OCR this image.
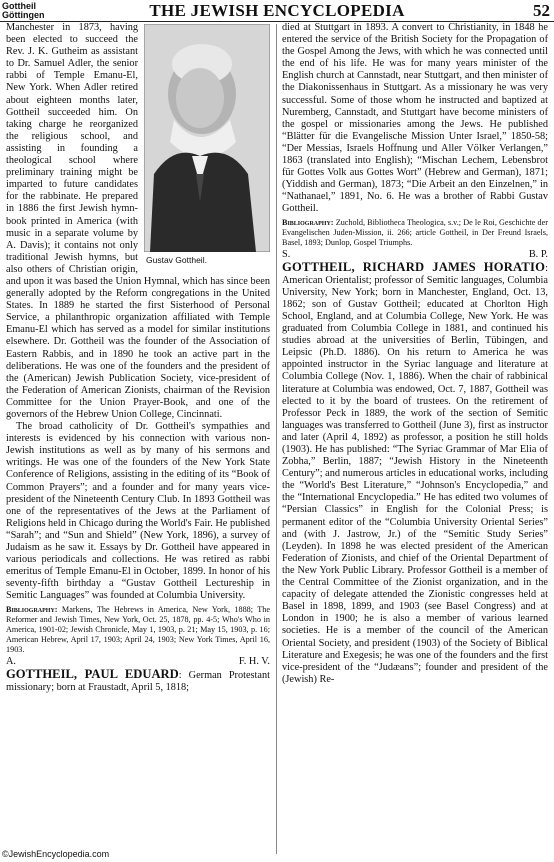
Gottheil
Göttingen	THE JEWISH ENCYCLOPEDIA	52
Gustav Gottheil.
Manchester in 1873, having been elected to succeed the Rev. J. K. Gutheim as assistant to Dr. Samuel Adler, the senior rabbi of Temple Emanu-El, New York. When Adler retired about eighteen months later, Gottheil succeeded him. On taking charge he reorganized the religious school, and assisting in founding a theological school where preliminary training might be imparted to future candidates for the rabbinate. He prepared in 1886 the first Jewish hymn-book printed in America (with music in a separate volume by A. Davis); it contains not only traditional Jewish hymns, but also others of Christian origin, and upon it was based the Union Hymnal, which has since been generally adopted by the Reform congregations in the United States. In 1889 he started the first Sisterhood of Personal Service, a philanthropic organization affiliated with Temple Emanu-El which has served as a model for similar institutions elsewhere. Dr. Gottheil was the founder of the Association of Eastern Rabbis, and in 1890 he took an active part in the deliberations. He was one of the founders and the president of the (American) Jewish Publication Society, vice-president of the Federation of American Zionists, chairman of the Revision Committee for the Union Prayer-Book, and one of the governors of the Hebrew Union College, Cincinnati.
The broad catholicity of Dr. Gottheil's sympathies and interests is evidenced by his connection with various non-Jewish institutions as well as by many of his sermons and writings. He was one of the founders of the New York State Conference of Religions, assisting in the editing of its “Book of Common Prayers”; and a founder and for many years vice-president of the Nineteenth Century Club. In 1893 Gottheil was one of the representatives of the Jews at the Parliament of Religions held in Chicago during the World's Fair. He published “Sarah”; and “Sun and Shield” (New York, 1896), a survey of Judaism as he saw it. Essays by Dr. Gottheil have appeared in various periodicals and collections. He was retired as rabbi emeritus of Temple Emanu-El in October, 1899. In honor of his seventy-fifth birthday a “Gustav Gottheil Lectureship in Semitic Languages” was founded at Columbia University.
Bibliography: Markens, The Hebrews in America, New York, 1888; The Reformer and Jewish Times, New York, Oct. 25, 1878, pp. 4-5; Who's Who in America, 1901-02; Jewish Chronicle, May 1, 1903, p. 21; May 15, 1903, p. 16; American Hebrew, April 17, 1903; April 24, 1903; New York Times, April 16, 1903.
A.	F. H. V.
GOTTHEIL, PAUL EDUARD: German Protestant missionary; born at Fraustadt, April 5, 1818;
died at Stuttgart in 1893. A convert to Christianity, in 1848 he entered the service of the British Society for the Propagation of the Gospel Among the Jews, with which he was connected until the end of his life. He was for many years minister of the English church at Cannstadt, near Stuttgart, and then minister of the Diakonissenhaus in Stuttgart. As a missionary he was very successful. Some of those whom he instructed and baptized at Nuremberg, Cannstadt, and Stuttgart have become ministers of the gospel or missionaries among the Jews. He published “Blätter für die Evangelische Mission Unter Israel,” 1850-58; “Der Messias, Israels Hoffnung und Aller Völker Verlangen,” 1863 (translated into English); “Mischan Lechem, Lebensbrot für Gottes Volk aus Gottes Wort” (Hebrew and German), 1871; (Yiddish and German), 1873; “Die Arbeit an den Einzelnen,” in “Nathanael,” 1891, No. 6. He was a brother of Rabbi Gustav Gottheil.
Bibliography: Zuchold, Bibliotheca Theologica, s.v.; De le Roi, Geschichte der Evangelischen Juden-Mission, ii. 266; article Gottheil, in Der Freund Israels, Basel, 1893; Dunlop, Gospel Triumphs.
S.	B. P.
GOTTHEIL, RICHARD JAMES HORATIO: American Orientalist; professor of Semitic languages, Columbia University, New York; born in Manchester, England, Oct. 13, 1862; son of Gustav Gottheil; educated at Chorlton High School, England, and at Columbia College, New York. He was graduated from Columbia College in 1881, and continued his studies abroad at the universities of Berlin, Tübingen, and Leipsic (Ph.D. 1886). On his return to America he was appointed instructor in the Syriac language and literature at Columbia College (Nov. 1, 1886). When the chair of rabbinical literature at Columbia was endowed, Oct. 7, 1887, Gottheil was elected to it by the board of trustees. On the retirement of Professor Peck in 1889, the work of the section of Semitic languages was transferred to Gottheil (June 3), first as instructor and later (April 4, 1892) as professor, a position he still holds (1903). He has published: “The Syriac Grammar of Mar Elia of Zobha,” Berlin, 1887; “Jewish History in the Nineteenth Century”; and numerous articles in educational works, including the “World's Best Literature,” “Johnson's Encyclopedia,” and the “International Encyclopedia.” He has edited two volumes of “Persian Classics” in English for the Colonial Press; is permanent editor of the “Columbia University Oriental Series” and (with J. Jastrow, Jr.) of the “Semitic Study Series” (Leyden). In 1898 he was elected president of the American Federation of Zionists, and chief of the Oriental Department of the New York Public Library. Professor Gottheil is a member of the Central Committee of the Zionist organization, and in the capacity of delegate attended the Zionistic congresses held at Basel in 1898, 1899, and 1903 (see Basel Congress) and at London in 1900; he is also a member of various learned societies. He is a member of the council of the American Oriental Society, and president (1903) of the Society of Biblical Literature and Exegesis; he was one of the founders and the first vice-president of the “Judæans”; founder and president of the (Jewish) Re-
©JewishEncyclopedia.com
